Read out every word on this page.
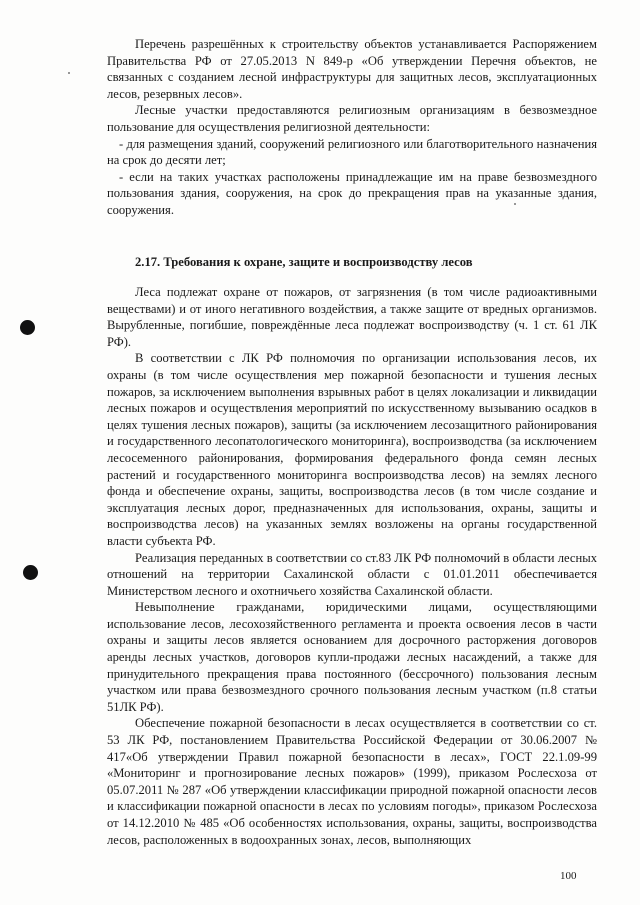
Перечень разрешённых к строительству объектов устанавливается Распоряжением Правительства РФ от 27.05.2013 N 849-р «Об утверждении Перечня объектов, не связанных с созданием лесной инфраструктуры для защитных лесов, эксплуатационных лесов, резервных лесов».

Лесные участки предоставляются религиозным организациям в безвозмездное пользование для осуществления религиозной деятельности:

- для размещения зданий, сооружений религиозного или благотворительного назначения на срок до десяти лет;

- если на таких участках расположены принадлежащие им на праве безвозмездного пользования здания, сооружения, на срок до прекращения прав на указанные здания, сооружения.

2.17. Требования к охране, защите и воспроизводству лесов

Леса подлежат охране от пожаров, от загрязнения (в том числе радиоактивными веществами) и от иного негативного воздействия, а также защите от вредных организмов. Вырубленные, погибшие, повреждённые леса подлежат воспроизводству (ч. 1 ст. 61 ЛК РФ).

В соответствии с ЛК РФ полномочия по организации использования лесов, их охраны (в том числе осуществления мер пожарной безопасности и тушения лесных пожаров, за исключением выполнения взрывных работ в целях локализации и ликвидации лесных пожаров и осуществления мероприятий по искусственному вызыванию осадков в целях тушения лесных пожаров), защиты (за исключением лесозащитного районирования и государственного лесопатологического мониторинга), воспроизводства (за исключением лесосеменного районирования, формирования федерального фонда семян лесных растений и государственного мониторинга воспроизводства лесов) на землях лесного фонда и обеспечение охраны, защиты, воспроизводства лесов (в том числе создание и эксплуатация лесных дорог, предназначенных для использования, охраны, защиты и воспроизводства лесов) на указанных землях возложены на органы государственной власти субъекта РФ.

Реализация переданных в соответствии со ст.83 ЛК РФ полномочий в области лесных отношений на территории Сахалинской области с 01.01.2011 обеспечивается Министерством лесного и охотничьего хозяйства Сахалинской области.

Невыполнение гражданами, юридическими лицами, осуществляющими использование лесов, лесохозяйственного регламента и проекта освоения лесов в части охраны и защиты лесов является основанием для досрочного расторжения договоров аренды лесных участков, договоров купли-продажи лесных насаждений, а также для принудительного прекращения права постоянного (бессрочного) пользования лесным участком или права безвозмездного срочного пользования лесным участком (п.8 статьи 51ЛК РФ).

Обеспечение пожарной безопасности в лесах осуществляется в соответствии со ст. 53 ЛК РФ, постановлением Правительства Российской Федерации от 30.06.2007 № 417«Об утверждении Правил пожарной безопасности в лесах», ГОСТ 22.1.09-99 «Мониторинг и прогнозирование лесных пожаров» (1999), приказом Рослесхоза от 05.07.2011 № 287 «Об утверждении классификации природной пожарной опасности лесов и классификации пожарной опасности в лесах по условиям погоды», приказом Рослесхоза от 14.12.2010 № 485 «Об особенностях использования, охраны, защиты, воспроизводства лесов, расположенных в водоохранных зонах, лесов, выполняющих

100
